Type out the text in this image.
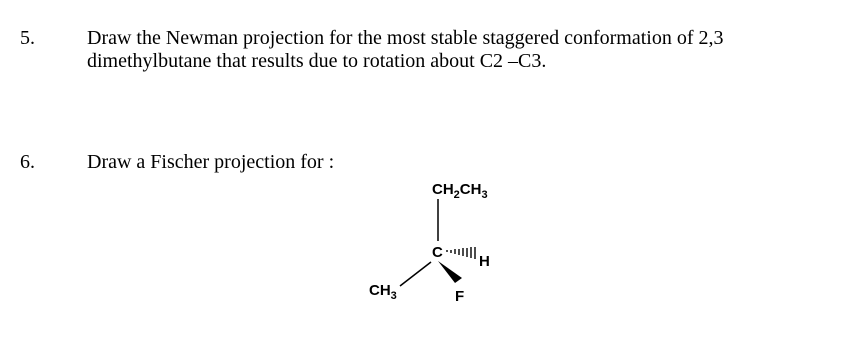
5.	Draw the Newman projection for the most stable staggered conformation of 2,3
dimethylbutane that results due to rotation about C2 –C3.
6.	Draw a Fischer projection for :
$CH_2CH_3$
C
H
F
$CH_3$
